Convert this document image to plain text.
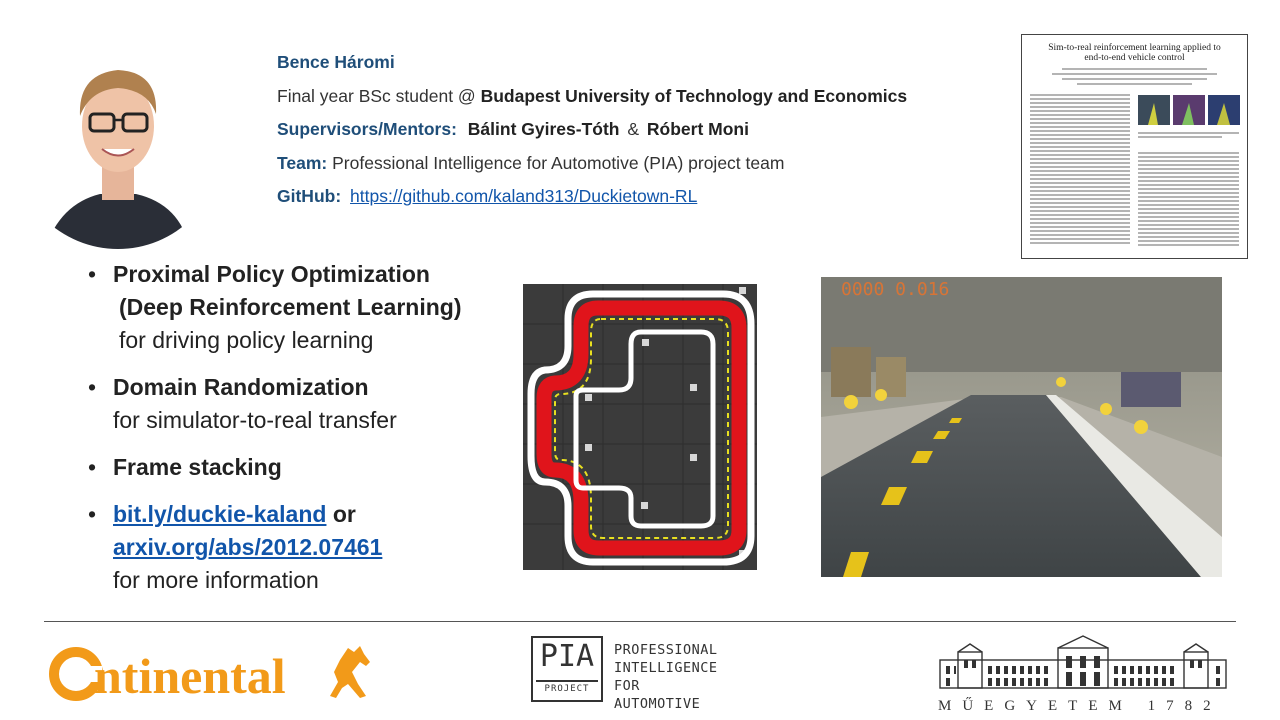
Bence Háromi
Final year BSc student @ Budapest University of Technology and Economics
Supervisors/Mentors: Bálint Gyires-Tóth & Róbert Moni
Team: Professional Intelligence for Automotive (PIA) project team
GitHub: https://github.com/kaland313/Duckietown-RL
Sim-to-real reinforcement learning applied to
end-to-end vehicle control
• Proximal Policy Optimization
(Deep Reinforcement Learning)
for driving policy learning
• Domain Randomization
for simulator-to-real transfer
• Frame stacking
• bit.ly/duckie-kaland or
arxiv.org/abs/2012.07461
for more information
0000 0.016
ntinental	PIA
PROJECT
PROFESSIONAL
INTELLIGENCE
FOR AUTOMOTIVE	MŰEGYETEM 1782
